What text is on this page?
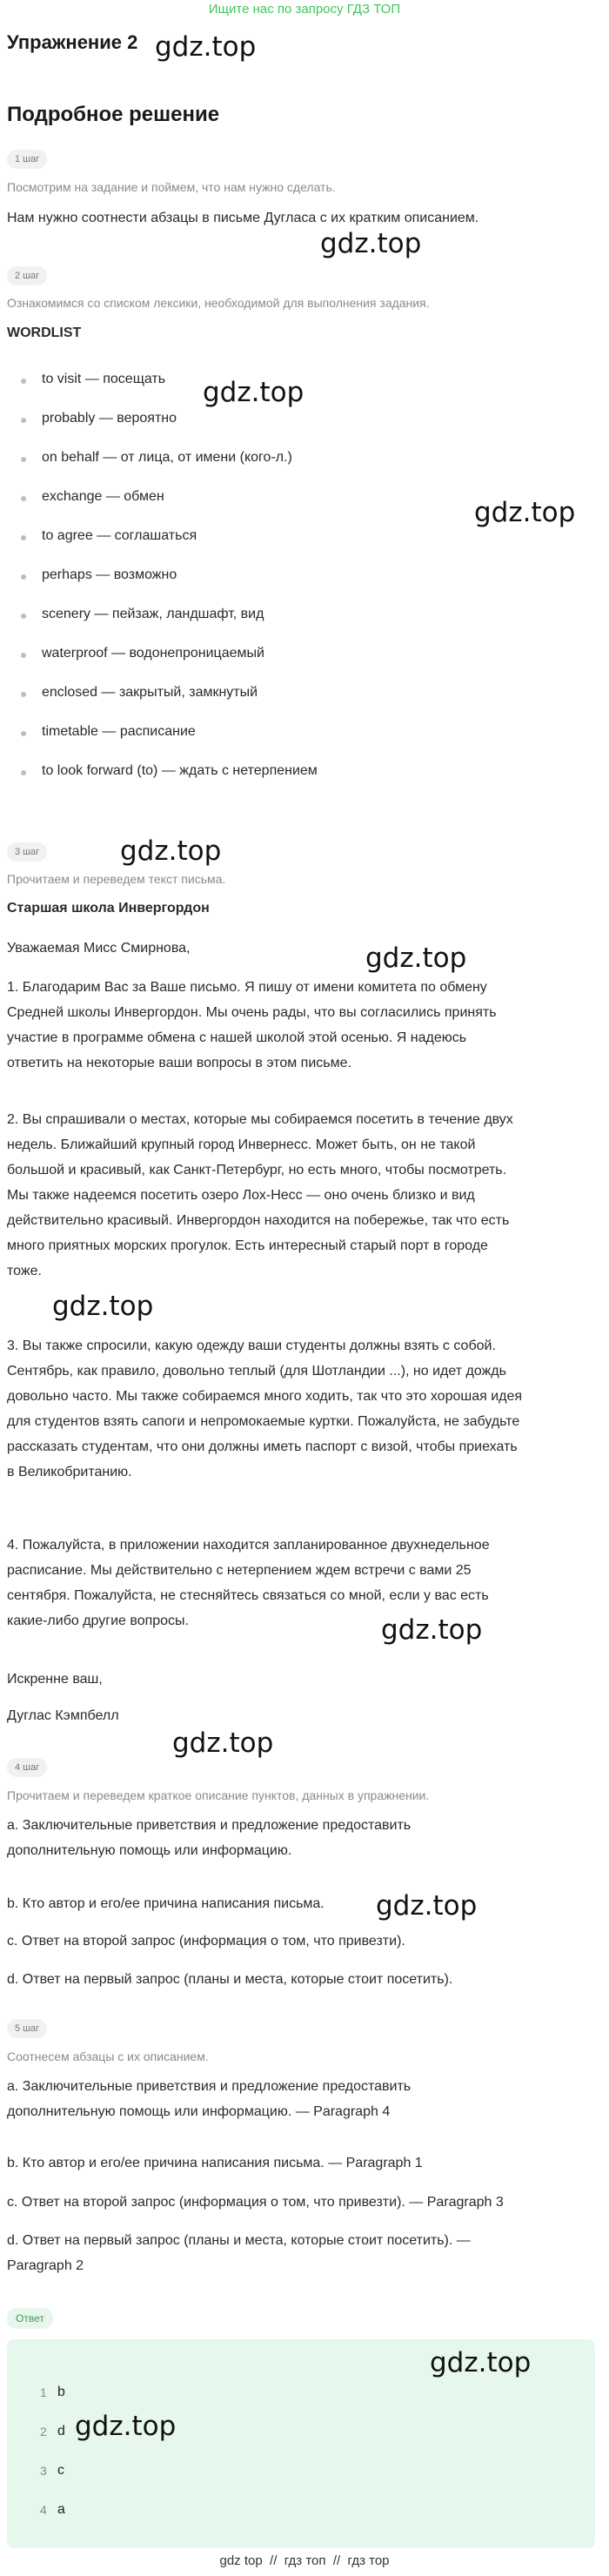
Ищите нас по запросу ГДЗ ТОП
Упражнение 2 gdz.top
Подробное решение
1 шаг
Посмотрим на задание и поймем, что нам нужно сделать.
Нам нужно соотнести абзацы в письме Дугласа с их кратким описанием.
gdz.top
2 шаг
Ознакомимся со списком лексики, необходимой для выполнения задания.
WORDLIST
to visit — посещать
probably — вероятно
on behalf — от лица, от имени (кого-л.)
exchange — обмен
to agree — соглашаться
perhaps — возможно
scenery — пейзаж, ландшафт, вид
waterproof — водонепроницаемый
enclosed — закрытый, замкнутый
timetable — расписание
to look forward (to) — ждать с нетерпением
gdz.top
gdz.top
3 шаг	gdz.top
Прочитаем и переведем текст письма.
Старшая школа Инвергордон
Уважаемая Мисс Смирнова,	gdz.top
1. Благодарим Вас за Ваше письмо. Я пишу от имени комитета по обмену
Средней школы Инвергордон. Мы очень рады, что вы согласились принять
участие в программе обмена с нашей школой этой осенью. Я надеюсь
ответить на некоторые ваши вопросы в этом письме.
2. Вы спрашивали о местах, которые мы собираемся посетить в течение двух
недель. Ближайший крупный город Инвернесс. Может быть, он не такой
большой и красивый, как Санкт-Петербург, но есть много, чтобы посмотреть.
Мы также надеемся посетить озеро Лох-Несс — оно очень близко и вид
действительно красивый. Инвергордон находится на побережье, так что есть
много приятных морских прогулок. Есть интересный старый порт в городе
тоже.
gdz.top
3. Вы также спросили, какую одежду ваши студенты должны взять с собой.
Сентябрь, как правило, довольно теплый (для Шотландии ...), но идет дождь
довольно часто. Мы также собираемся много ходить, так что это хорошая идея
для студентов взять сапоги и непромокаемые куртки. Пожалуйста, не забудьте
рассказать студентам, что они должны иметь паспорт с визой, чтобы приехать
в Великобританию.
4. Пожалуйста, в приложении находится запланированное двухнедельное
расписание. Мы действительно с нетерпением ждем встречи с вами 25
сентября. Пожалуйста, не стесняйтесь связаться со мной, если у вас есть
какие-либо другие вопросы.	gdz.top
Искренне ваш,
Дуглас Кэмпбелл
gdz.top
4 шаг
Прочитаем и переведем краткое описание пунктов, данных в упражнении.
a. Заключительные приветствия и предложение предоставить
дополнительную помощь или информацию.
b. Кто автор и его/ее причина написания письма.	gdz.top
c. Ответ на второй запрос (информация о том, что привезти).
d. Ответ на первый запрос (планы и места, которые стоит посетить).
5 шаг
Соотнесем абзацы с их описанием.
a. Заключительные приветствия и предложение предоставить
дополнительную помощь или информацию. — Paragraph 4
b. Кто автор и его/ее причина написания письма. — Paragraph 1
c. Ответ на второй запрос (информация о том, что привезти). — Paragraph 3
d. Ответ на первый запрос (планы и места, которые стоит посетить). —
Paragraph 2
Ответ
gdz.top
1 b
2 d gdz.top
3 c
4 a
gdz top // гдз топ // гдз тор
